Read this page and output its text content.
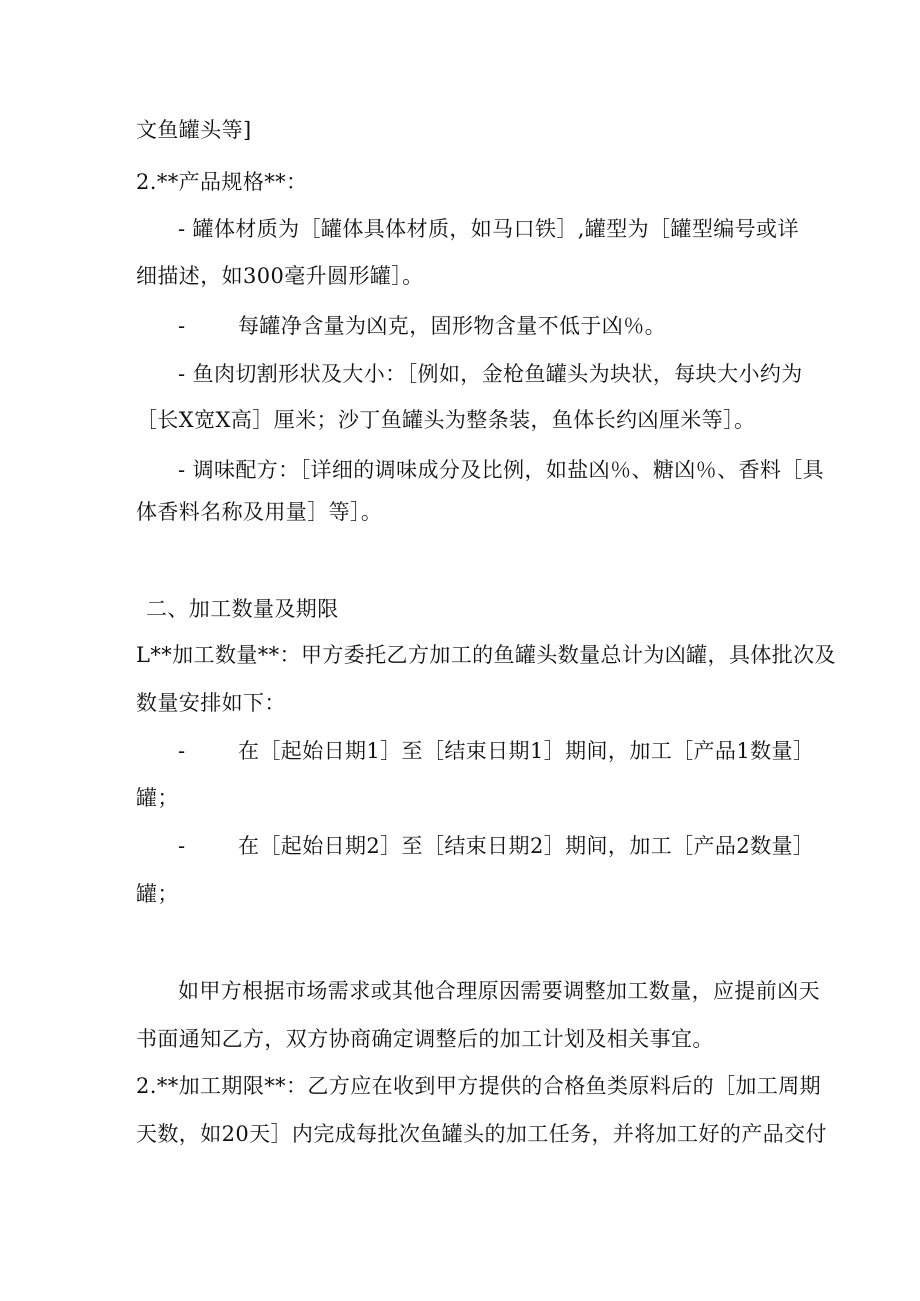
文鱼罐头等]
2.**产品规格**：
- 罐体材质为［罐体具体材质，如马口铁］,罐型为［罐型编号或详
细描述，如300毫升圆形罐］。
-	每罐净含量为凶克，固形物含量不低于凶％。
- 鱼肉切割形状及大小：［例如，金枪鱼罐头为块状，每块大小约为
［长X宽X高］厘米；沙丁鱼罐头为整条装，鱼体长约凶厘米等］。
- 调味配方：［详细的调味成分及比例，如盐凶％、糖凶％、香料［具
体香料名称及用量］等］。
二、加工数量及期限
L**加工数量**：甲方委托乙方加工的鱼罐头数量总计为凶罐，具体批次及
数量安排如下：
-	在［起始日期1］至［结束日期1］期间，加工［产品1数量］
罐；
-	在［起始日期2］至［结束日期2］期间，加工［产品2数量］
罐；
如甲方根据市场需求或其他合理原因需要调整加工数量，应提前凶天
书面通知乙方，双方协商确定调整后的加工计划及相关事宜。
2.**加工期限**：乙方应在收到甲方提供的合格鱼类原料后的［加工周期
天数，如20天］内完成每批次鱼罐头的加工任务，并将加工好的产品交付
